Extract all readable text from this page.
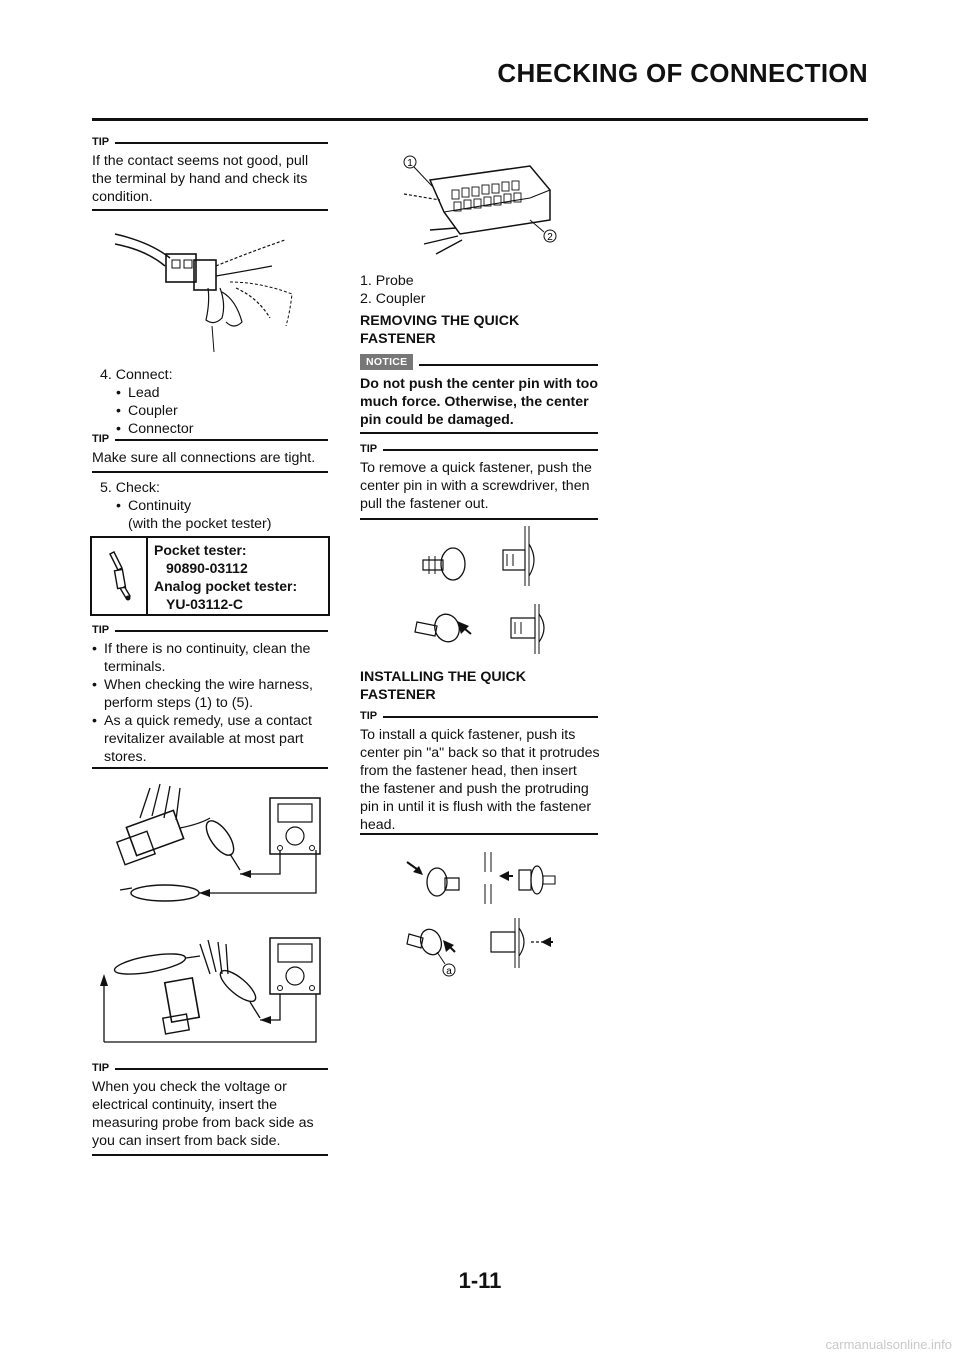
CHECKING OF CONNECTION
TIP
If the contact seems not good, pull the terminal by hand and check its condition.
4. Connect:
• Lead
• Coupler
• Connector
TIP
Make sure all connections are tight.
5. Check:
• Continuity
(with the pocket tester)
Pocket tester:
90890-03112
Analog pocket tester:
YU-03112-C
TIP
• If there is no continuity, clean the terminals.
• When checking the wire harness, perform steps (1) to (5).
• As a quick remedy, use a contact revitalizer available at most part stores.
TIP
When you check the voltage or electrical continuity, insert the measuring probe from back side as you can insert from back side.
1
2
1. Probe
2. Coupler
REMOVING THE QUICK FASTENER
NOTICE
Do not push the center pin with too much force. Otherwise, the center pin could be damaged.
TIP
To remove a quick fastener, push the center pin in with a screwdriver, then pull the fastener out.
INSTALLING THE QUICK FASTENER
TIP
To install a quick fastener, push its center pin "a" back so that it protrudes from the fastener head, then insert the fastener and push the protruding pin in until it is flush with the fastener head.
a
1-11
carmanualsonline.info
